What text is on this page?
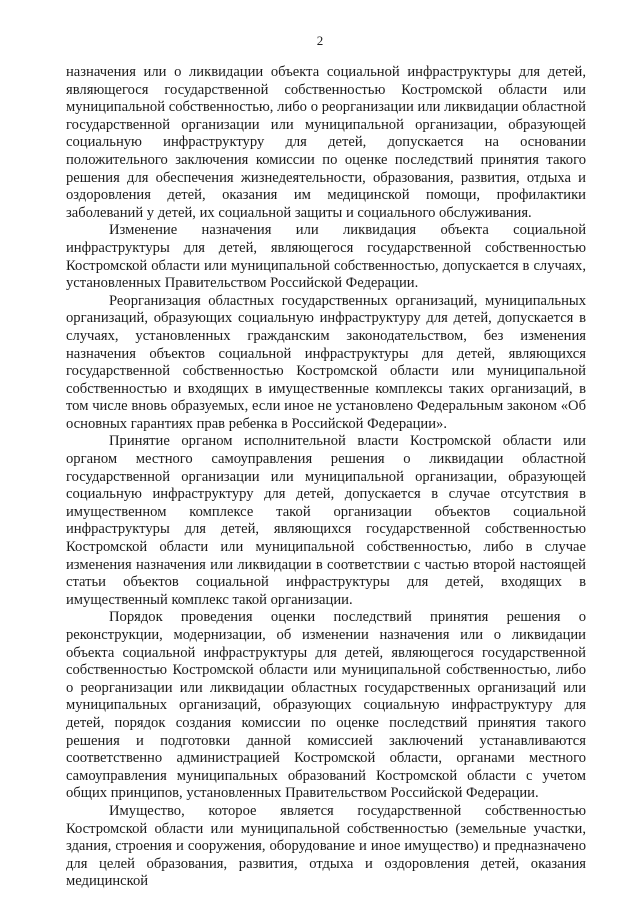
2

назначения или о ликвидации объекта социальной инфраструктуры для детей, являющегося государственной собственностью Костромской области или муниципальной собственностью, либо о реорганизации или ликвидации областной государственной организации или муниципальной организации, образующей социальную инфраструктуру для детей, допускается на основании положительного заключения комиссии по оценке последствий принятия такого решения для обеспечения жизнедеятельности, образования, развития, отдыха и оздоровления детей, оказания им медицинской помощи, профилактики заболеваний у детей, их социальной защиты и социального обслуживания.

Изменение назначения или ликвидация объекта социальной инфраструктуры для детей, являющегося государственной собственностью Костромской области или муниципальной собственностью, допускается в случаях, установленных Правительством Российской Федерации.

Реорганизация областных государственных организаций, муниципальных организаций, образующих социальную инфраструктуру для детей, допускается в случаях, установленных гражданским законодательством, без изменения назначения объектов социальной инфраструктуры для детей, являющихся государственной собственностью Костромской области или муниципальной собственностью и входящих в имущественные комплексы таких организаций, в том числе вновь образуемых, если иное не установлено Федеральным законом «Об основных гарантиях прав ребенка в Российской Федерации».

Принятие органом исполнительной власти Костромской области или органом местного самоуправления решения о ликвидации областной государственной организации или муниципальной организации, образующей социальную инфраструктуру для детей, допускается в случае отсутствия в имущественном комплексе такой организации объектов социальной инфраструктуры для детей, являющихся государственной собственностью Костромской области или муниципальной собственностью, либо в случае изменения назначения или ликвидации в соответствии с частью второй настоящей статьи объектов социальной инфраструктуры для детей, входящих в имущественный комплекс такой организации.

Порядок проведения оценки последствий принятия решения о реконструкции, модернизации, об изменении назначения или о ликвидации объекта социальной инфраструктуры для детей, являющегося государственной собственностью Костромской области или муниципальной собственностью, либо о реорганизации или ликвидации областных государственных организаций или муниципальных организаций, образующих социальную инфраструктуру для детей, порядок создания комиссии по оценке последствий принятия такого решения и подготовки данной комиссией заключений устанавливаются соответственно администрацией Костромской области, органами местного самоуправления муниципальных образований Костромской области с учетом общих принципов, установленных Правительством Российской Федерации.

Имущество, которое является государственной собственностью Костромской области или муниципальной собственностью (земельные участки, здания, строения и сооружения, оборудование и иное имущество) и предназначено для целей образования, развития, отдыха и оздоровления детей, оказания медицинской
